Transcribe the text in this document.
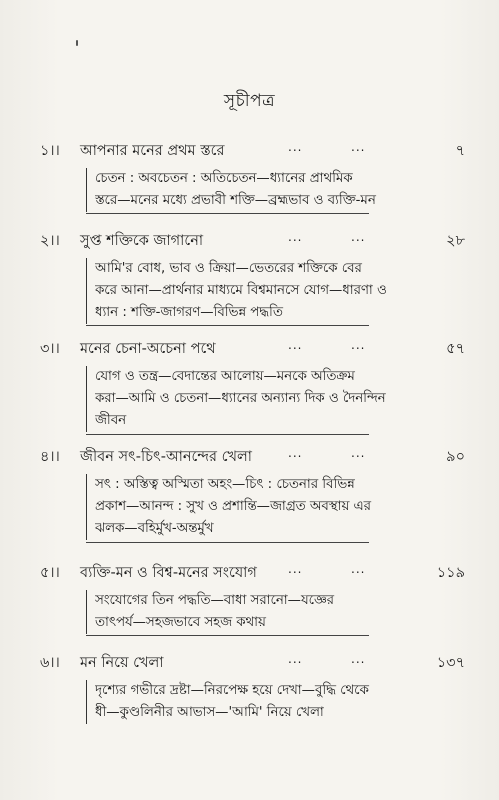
সূচীপত্র
১।। আপনার মনের প্রথম স্তরে	...	...	৭
চেতন : অবচেতন : অতিচেতন—ধ্যানের প্রাথমিক
স্তরে—মনের মধ্যে প্রভাবী শক্তি—ব্রহ্মভাব ও ব্যক্তি-মন
২।। সুপ্ত শক্তিকে জাগানো	...	...	২৮
আমি'র বোধ, ভাব ও ক্রিয়া—ভেতরের শক্তিকে বের
করে আনা—প্রার্থনার মাধ্যমে বিশ্বমানসে যোগ—ধারণা ও
ধ্যান : শক্তি-জাগরণ—বিভিন্ন পদ্ধতি
৩।। মনের চেনা-অচেনা পথে	...	...	৫৭
যোগ ও তন্ত্র—বেদান্তের আলোয়—মনকে অতিক্রম
করা—আমি ও চেতনা—ধ্যানের অন্যান্য দিক ও দৈনন্দিন
জীবন
৪।। জীবন সৎ-চিৎ-আনন্দের খেলা	...	...	৯০
সৎ : অস্তিত্ব অস্মিতা অহং—চিৎ : চেতনার বিভিন্ন
প্রকাশ—আনন্দ : সুখ ও প্রশান্তি—জাগ্রত অবস্থায় এর
ঝলক—বহির্মুখ-অন্তর্মুখ
৫।। ব্যক্তি-মন ও বিশ্ব-মনের সংযোগ	...	...	১১৯
সংযোগের তিন পদ্ধতি—বাধা সরানো—যজ্ঞের
তাৎপর্য—সহজভাবে সহজ কথায়
৬।। মন নিয়ে খেলা	...	...	১৩৭
দৃশ্যের গভীরে দ্রষ্টা—নিরপেক্ষ হয়ে দেখা—বুদ্ধি থেকে
ধী—কুণ্ডলিনীর আভাস—'আমি' নিয়ে খেলা
